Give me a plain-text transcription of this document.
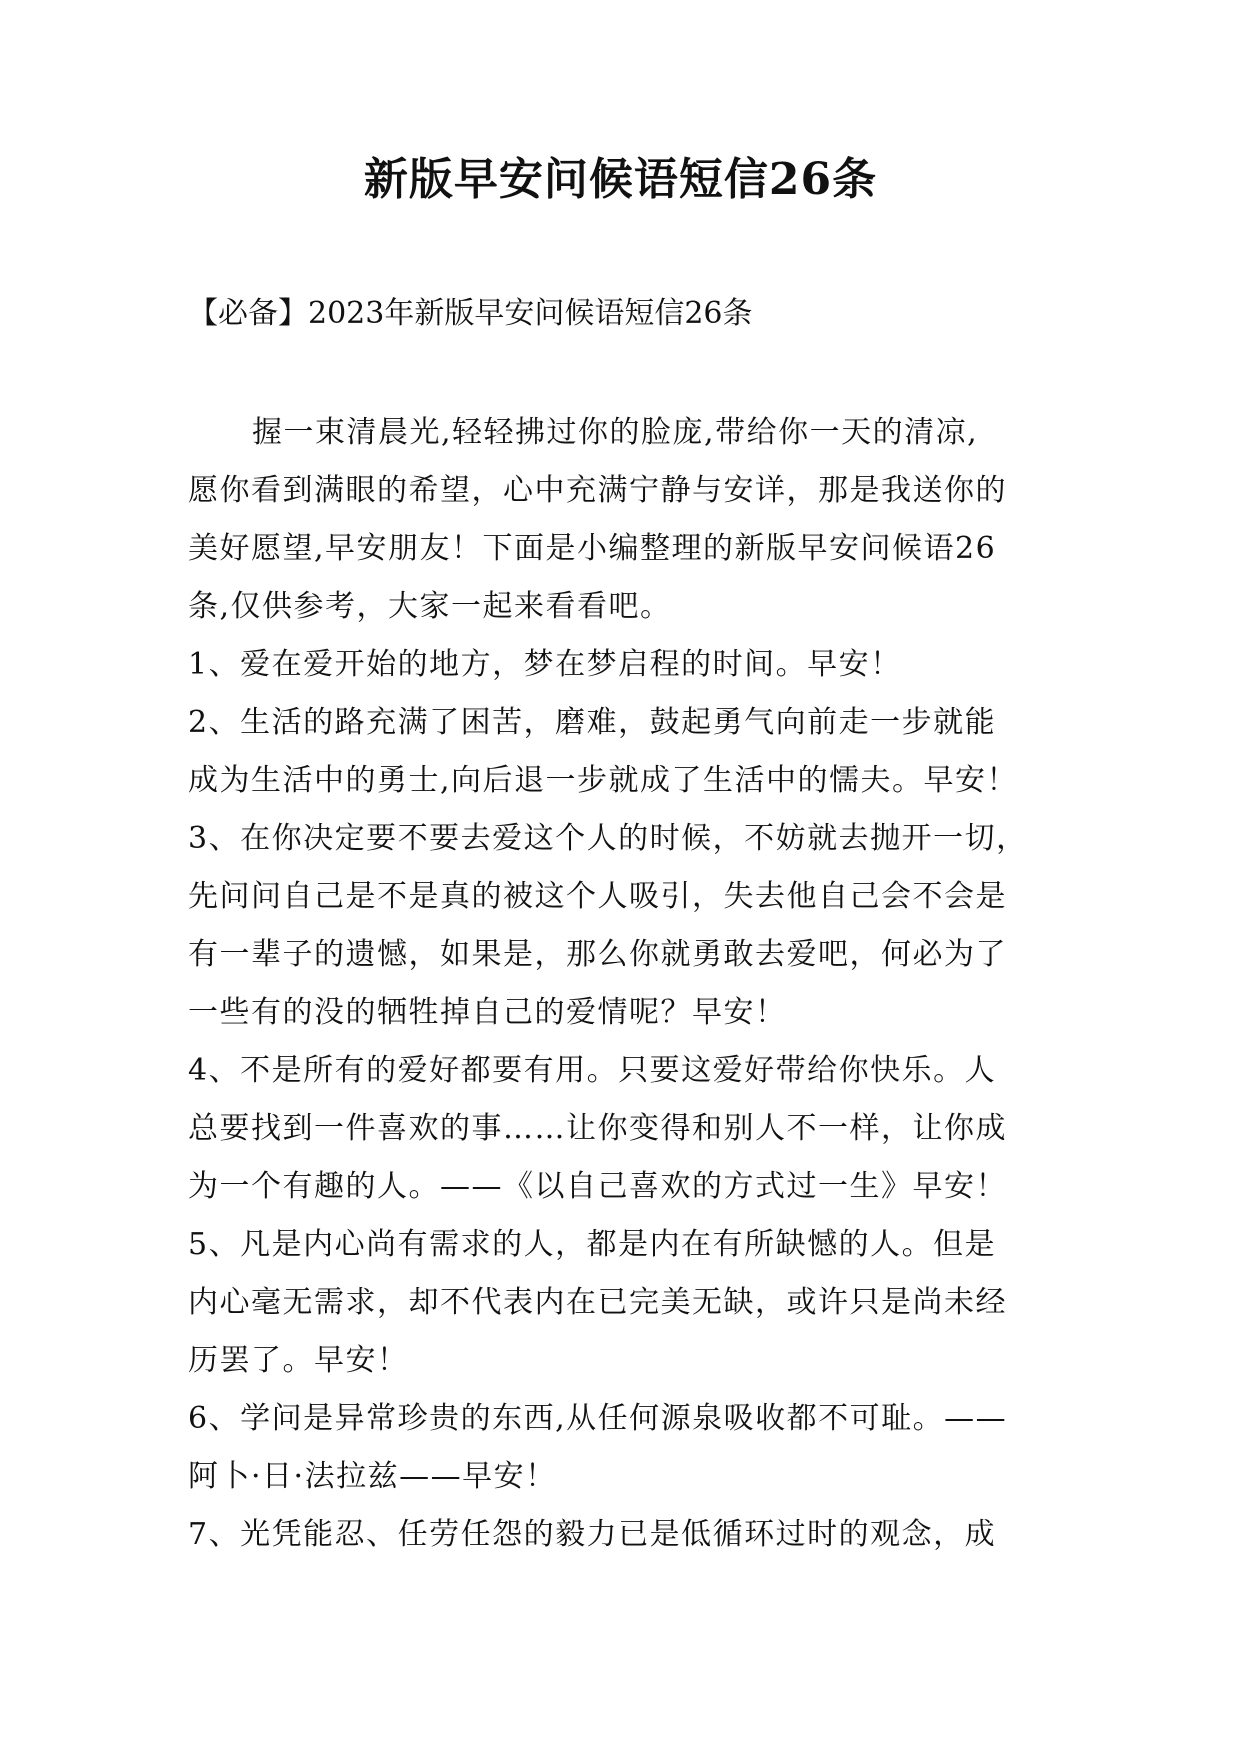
新版早安问候语短信26条
【必备】2023年新版早安问候语短信26条
握一束清晨光,轻轻拂过你的脸庞,带给你一天的清凉,
愿你看到满眼的希望，心中充满宁静与安详，那是我送你的
美好愿望,早安朋友！下面是小编整理的新版早安问候语26
条,仅供参考，大家一起来看看吧。
1、爱在爱开始的地方，梦在梦启程的时间。早安！
2、生活的路充满了困苦，磨难，鼓起勇气向前走一步就能
成为生活中的勇士,向后退一步就成了生活中的懦夫。早安！
3、在你决定要不要去爱这个人的时候，不妨就去抛开一切，
先问问自己是不是真的被这个人吸引，失去他自己会不会是
有一辈子的遗憾，如果是，那么你就勇敢去爱吧，何必为了
一些有的没的牺牲掉自己的爱情呢？早安！
4、不是所有的爱好都要有用。只要这爱好带给你快乐。人
总要找到一件喜欢的事……让你变得和别人不一样，让你成
为一个有趣的人。——《以自己喜欢的方式过一生》早安！
5、凡是内心尚有需求的人，都是内在有所缺憾的人。但是
内心毫无需求，却不代表内在已完美无缺，或许只是尚未经
历罢了。早安！
6、学问是异常珍贵的东西,从任何源泉吸收都不可耻。——
阿卜·日·法拉兹——早安！
7、光凭能忍、任劳任怨的毅力已是低循环过时的观念，成
